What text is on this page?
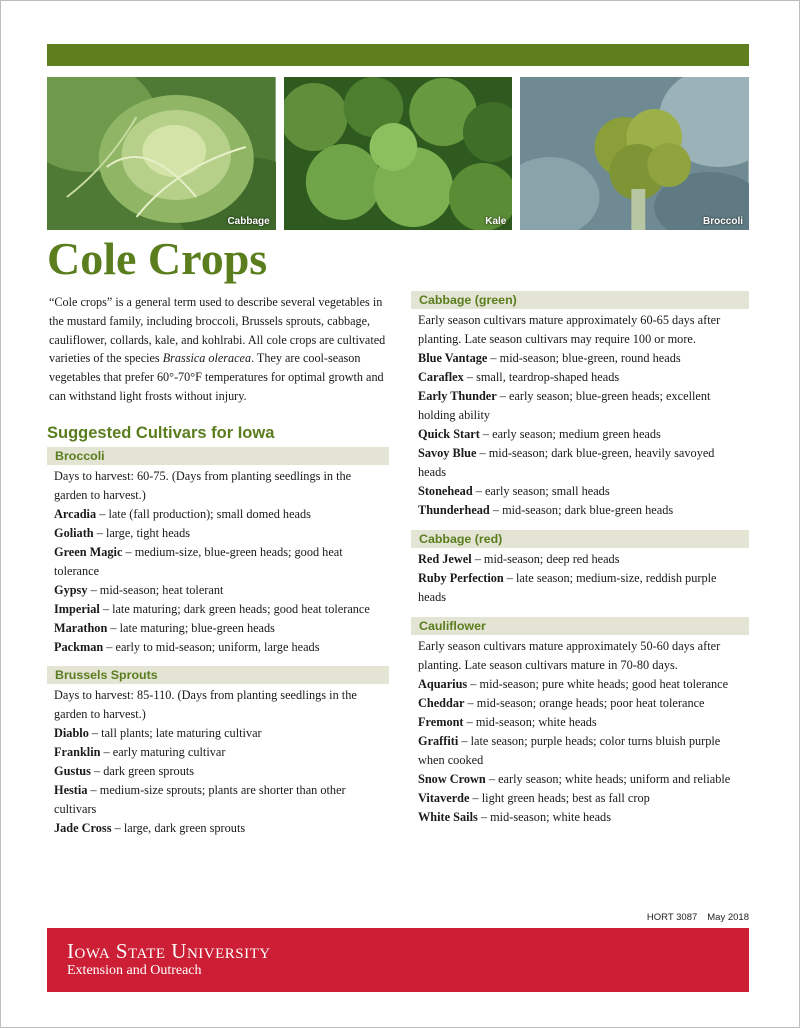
Cabbage	Kale	Broccoli
Cole Crops

“Cole crops” is a general term used to describe several vegetables in the mustard family, including broccoli, Brussels sprouts, cabbage, cauliflower, collards, kale, and kohlrabi. All cole crops are cultivated varieties of the species Brassica oleracea. They are cool-season vegetables that prefer 60°-70°F temperatures for optimal growth and can withstand light frosts without injury.

Suggested Cultivars for Iowa
Broccoli

Days to harvest: 60-75. (Days from planting seedlings in the garden to harvest.)

Arcadia – late (fall production); small domed heads

Goliath – large, tight heads

Green Magic – medium-size, blue-green heads; good heat tolerance

Gypsy – mid-season; heat tolerant

Imperial – late maturing; dark green heads; good heat tolerance

Marathon – late maturing; blue-green heads

Packman – early to mid-season; uniform, large heads

Brussels Sprouts

Days to harvest: 85-110. (Days from planting seedlings in the garden to harvest.)

Diablo – tall plants; late maturing cultivar

Franklin – early maturing cultivar

Gustus – dark green sprouts

Hestia – medium-size sprouts; plants are shorter than other cultivars

Jade Cross – large, dark green sprouts

Cabbage (green)

Early season cultivars mature approximately 60-65 days after planting. Late season cultivars may require 100 or more.

Blue Vantage – mid-season; blue-green, round heads

Caraflex – small, teardrop-shaped heads

Early Thunder – early season; blue-green heads; excellent holding ability

Quick Start – early season; medium green heads

Savoy Blue – mid-season; dark blue-green, heavily savoyed heads

Stonehead – early season; small heads

Thunderhead – mid-season; dark blue-green heads

Cabbage (red)

Red Jewel – mid-season; deep red heads

Ruby Perfection – late season; medium-size, reddish purple heads

Cauliflower

Early season cultivars mature approximately 50-60 days after planting. Late season cultivars mature in 70-80 days.

Aquarius – mid-season; pure white heads; good heat tolerance

Cheddar – mid-season; orange heads; poor heat tolerance

Fremont – mid-season; white heads

Graffiti – late season; purple heads; color turns bluish purple when cooked

Snow Crown – early season; white heads; uniform and reliable

Vitaverde – light green heads; best as fall crop

White Sails – mid-season; white heads

HORT 3087 May 2018
Iowa State University
Extension and Outreach
